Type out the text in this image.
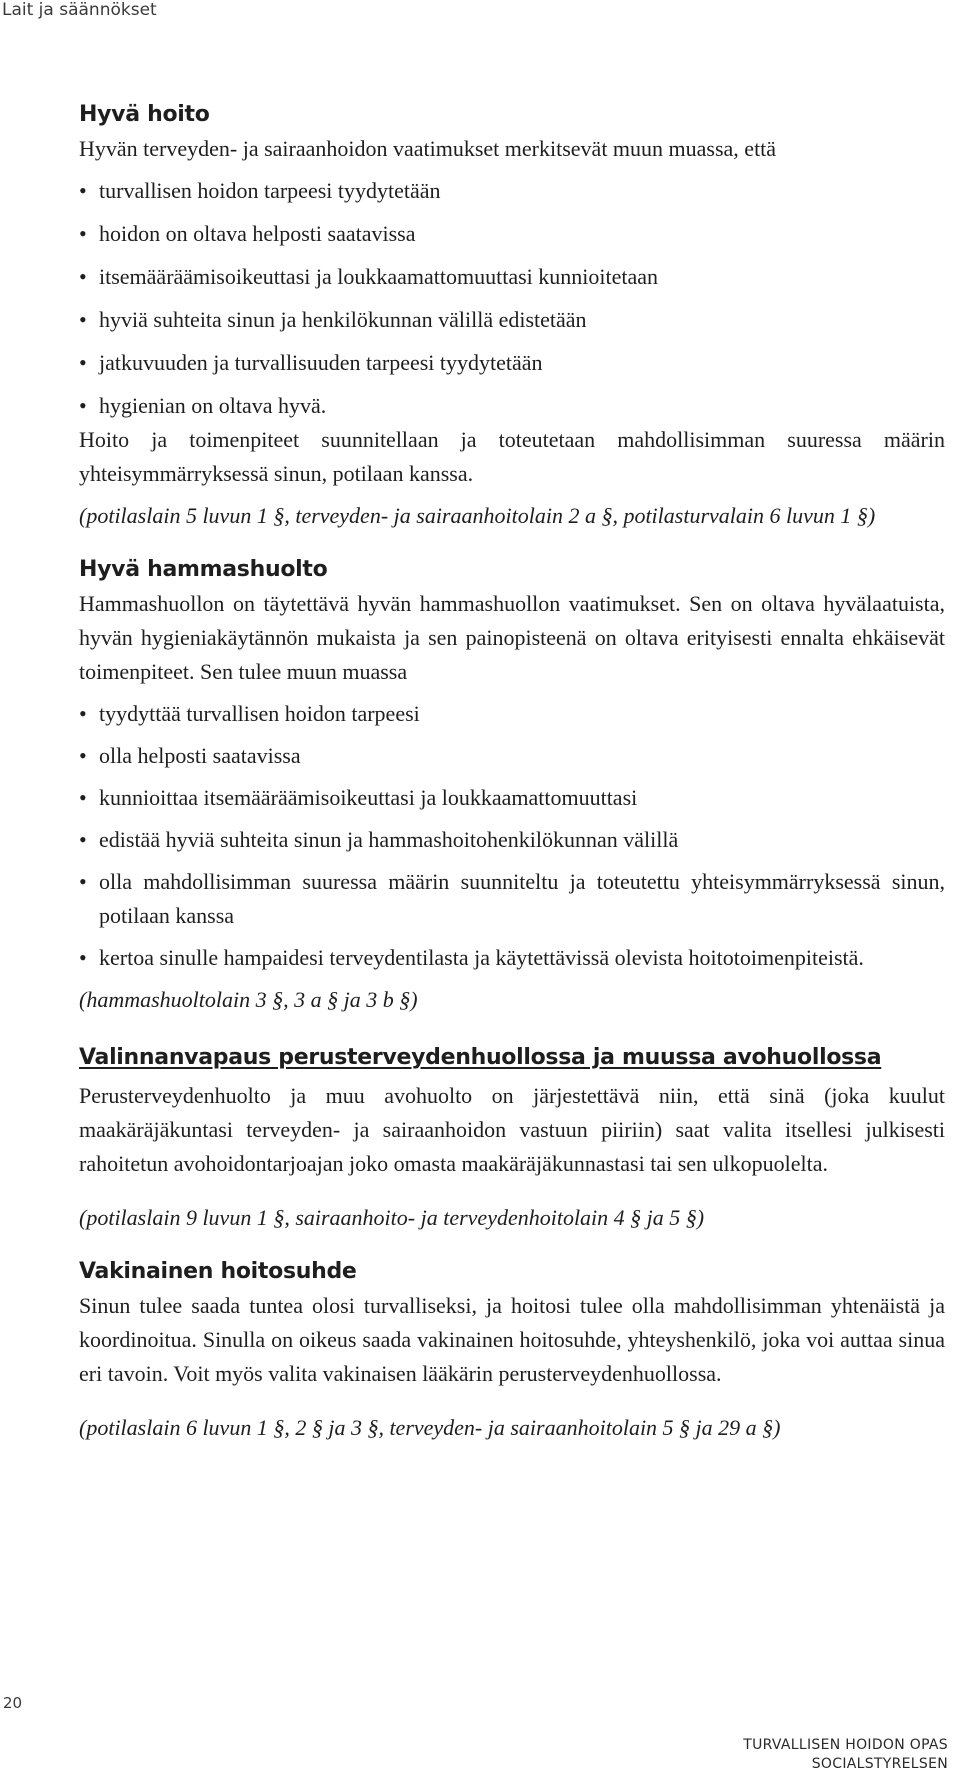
Lait ja säännökset
Hyvä hoito

Hyvän terveyden- ja sairaanhoidon vaatimukset merkitsevät muun muassa, että

• turvallisen hoidon tarpeesi tyydytetään
• hoidon on oltava helposti saatavissa
• itsemääräämisoikeuttasi ja loukkaamattomuuttasi kunnioitetaan
• hyviä suhteita sinun ja henkilökunnan välillä edistetään
• jatkuvuuden ja turvallisuuden tarpeesi tyydytetään
• hygienian on oltava hyvä.

Hoito ja toimenpiteet suunnitellaan ja toteutetaan mahdollisimman suuressa määrin yhteisymmärryksessä sinun, potilaan kanssa.

(potilaslain 5 luvun 1 §, terveyden- ja sairaanhoitolain 2 a §, potilasturvalain 6 luvun 1 §)

Hyvä hammashuolto

Hammashuollon on täytettävä hyvän hammashuollon vaatimukset. Sen on oltava hyvälaatuista, hyvän hygieniakäytännön mukaista ja sen painopisteenä on oltava erityisesti ennalta ehkäisevät toimenpiteet. Sen tulee muun muassa

• tyydyttää turvallisen hoidon tarpeesi
• olla helposti saatavissa
• kunnioittaa itsemääräämisoikeuttasi ja loukkaamattomuuttasi
• edistää hyviä suhteita sinun ja hammashoitohenkilökunnan välillä
• olla mahdollisimman suuressa määrin suunniteltu ja toteutettu yhteisymmärryksessä sinun, potilaan kanssa
• kertoa sinulle hampaidesi terveydentilasta ja käytettävissä olevista hoitotoimenpiteistä.

(hammashuoltolain 3 §, 3 a § ja 3 b §)

Valinnanvapaus perusterveydenhuollossa ja muussa avohuollossa

Perusterveydenhuolto ja muu avohuolto on järjestettävä niin, että sinä (joka kuulut maakäräjäkuntasi terveyden- ja sairaanhoidon vastuun piiriin) saat valita itsellesi julkisesti rahoitetun avohoidontarjoajan joko omasta maakäräjäkunnastasi tai sen ulkopuolelta.

(potilaslain 9 luvun 1 §, sairaanhoito- ja terveydenhoitolain 4 § ja 5 §)

Vakinainen hoitosuhde

Sinun tulee saada tuntea olosi turvalliseksi, ja hoitosi tulee olla mahdollisimman yhtenäistä ja koordinoitua. Sinulla on oikeus saada vakinainen hoitosuhde, yhteyshenkilö, joka voi auttaa sinua eri tavoin. Voit myös valita vakinaisen lääkärin perusterveydenhuollossa.

(potilaslain 6 luvun 1 §, 2 § ja 3 §, terveyden- ja sairaanhoitolain 5 § ja 29 a §)

20
TURVALLISEN HOIDON OPAS
SOCIALSTYRELSEN
